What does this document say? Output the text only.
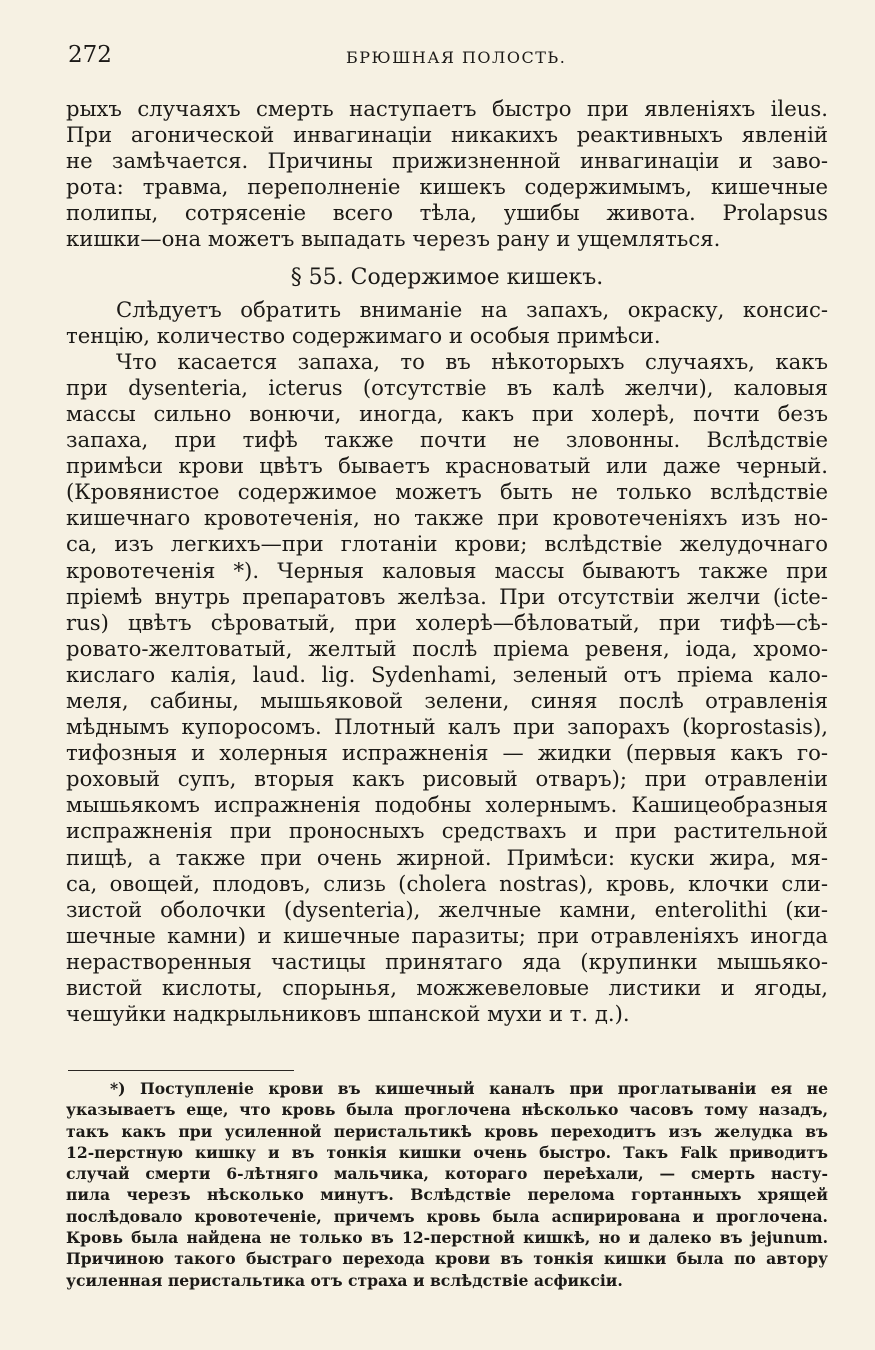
272	БРЮШНАЯ ПОЛОСТЬ.
рыхъ случаяхъ смерть наступаетъ быстро при явленіяхъ ileus.
При агонической инвагинаціи никакихъ реактивныхъ явленій
не замѣчается. Причины прижизненной инвагинаціи и заво-
рота: травма, переполненіе кишекъ содержимымъ, кишечные
полипы, сотрясеніе всего тѣла, ушибы живота. Prolapsus
кишки—она можетъ выпадать черезъ рану и ущемляться.
§ 55. Содержимое кишекъ.
Слѣдуетъ обратить вниманіе на запахъ, окраску, консис-
тенцію, количество содержимаго и особыя примѣси.
Что касается запаха, то въ нѣкоторыхъ случаяхъ, какъ
при dysenteria, icterus (отсутствіе въ калѣ желчи), каловыя
массы сильно вонючи, иногда, какъ при холерѣ, почти безъ
запаха, при тифѣ также почти не зловонны. Вслѣдствіе
примѣси крови цвѣтъ бываетъ красноватый или даже черный.
(Кровянистое содержимое можетъ быть не только вслѣдствіе
кишечнаго кровотеченія, но также при кровотеченіяхъ изъ но-
са, изъ легкихъ—при глотаніи крови; вслѣдствіе желудочнаго
кровотеченія *). Черныя каловыя массы бываютъ также при
пріемѣ внутрь препаратовъ желѣза. При отсутствіи желчи (icte-
rus) цвѣтъ сѣроватый, при холерѣ—бѣловатый, при тифѣ—сѣ-
ровато-желтоватый, желтый послѣ пріема ревеня, іода, хромо-
кислаго калія, laud. lig. Sydenhami, зеленый отъ пріема кало-
меля, сабины, мышьяковой зелени, синяя послѣ отравленія
мѣднымъ купоросомъ. Плотный калъ при запорахъ (koprostasis),
тифозныя и холерныя испражненія — жидки (первыя какъ го-
роховый супъ, вторыя какъ рисовый отваръ); при отравленіи
мышьякомъ испражненія подобны холернымъ. Кашицеобразныя
испражненія при проносныхъ средствахъ и при растительной
пищѣ, а также при очень жирной. Примѣси: куски жира, мя-
са, овощей, плодовъ, слизь (cholera nostras), кровь, клочки сли-
зистой оболочки (dysenteria), желчные камни, enterolithi (ки-
шечные камни) и кишечные паразиты; при отравленіяхъ иногда
нерастворенныя частицы принятаго яда (крупинки мышьяко-
вистой кислоты, спорынья, можжевеловые листики и ягоды,
чешуйки надкрыльниковъ шпанской мухи и т. д.).
*) Поступленіе крови въ кишечный каналъ при проглатываніи ея не
указываетъ еще, что кровь была проглочена нѣсколько часовъ тому назадъ,
такъ какъ при усиленной перистальтикѣ кровь переходитъ изъ желудка въ
12-перстную кишку и въ тонкія кишки очень быстро. Такъ Falk приводитъ
случай смерти 6-лѣтняго мальчика, котораго переѣхали, — смерть насту-
пила черезъ нѣсколько минутъ. Вслѣдствіе перелома гортанныхъ хрящей
послѣдовало кровотеченіе, причемъ кровь была аспирирована и проглочена.
Кровь была найдена не только въ 12-перстной кишкѣ, но и далеко въ jejunum.
Причиною такого быстраго перехода крови въ тонкія кишки была по автору
усиленная перистальтика отъ страха и вслѣдствіе асфиксіи.
